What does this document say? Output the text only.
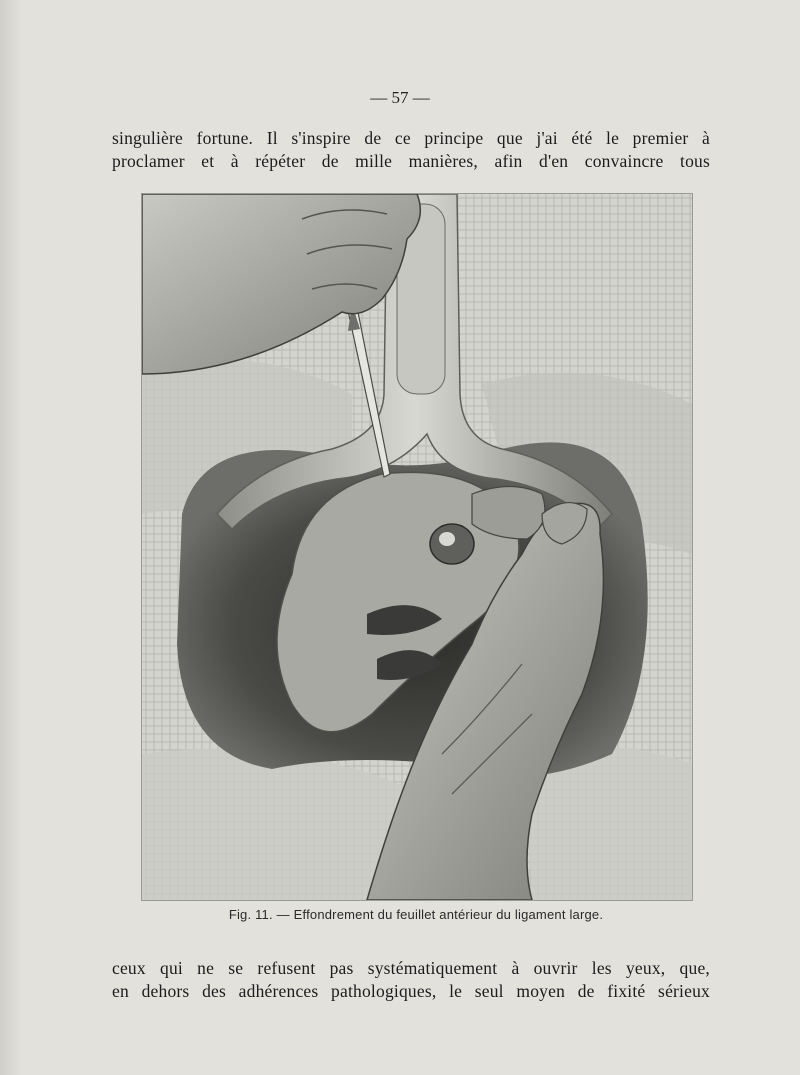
— 57 —
singulière fortune. Il s'inspire de ce principe que j'ai été le premier à
proclamer et à répéter de mille manières, afin d'en convaincre tous
Fig. 11. — Effondrement du feuillet antérieur du ligament large.
ceux qui ne se refusent pas systématiquement à ouvrir les yeux, que,
en dehors des adhérences pathologiques, le seul moyen de fixité sérieux
